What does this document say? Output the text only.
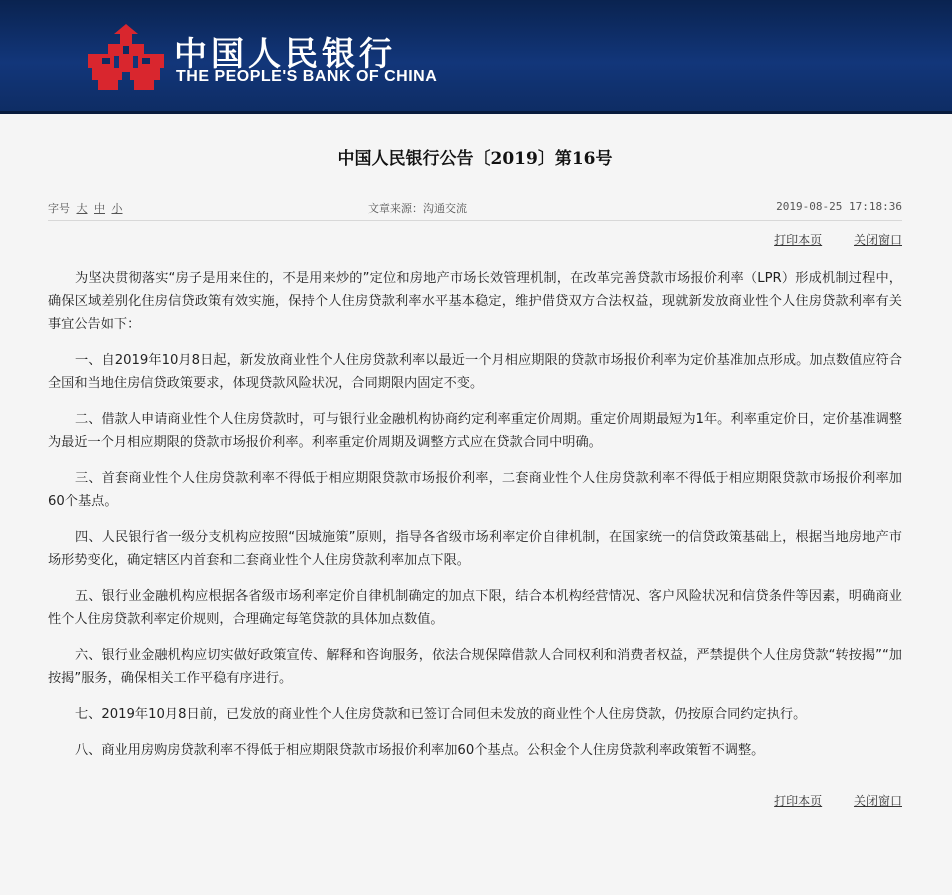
中国人民银行
THE PEOPLE'S BANK OF CHINA
中国人民银行公告〔2019〕第16号
字号 大 中 小	文章来源：沟通交流	2019-08-25 17:18:36
打印本页	关闭窗口

为坚决贯彻落实“房子是用来住的，不是用来炒的”定位和房地产市场长效管理机制，在改革完善贷款市场报价利率（LPR）形成机制过程中，确保区域差别化住房信贷政策有效实施，保持个人住房贷款利率水平基本稳定，维护借贷双方合法权益，现就新发放商业性个人住房贷款利率有关事宜公告如下：

一、自2019年10月8日起，新发放商业性个人住房贷款利率以最近一个月相应期限的贷款市场报价利率为定价基准加点形成。加点数值应符合全国和当地住房信贷政策要求，体现贷款风险状况，合同期限内固定不变。

二、借款人申请商业性个人住房贷款时，可与银行业金融机构协商约定利率重定价周期。重定价周期最短为1年。利率重定价日，定价基准调整为最近一个月相应期限的贷款市场报价利率。利率重定价周期及调整方式应在贷款合同中明确。

三、首套商业性个人住房贷款利率不得低于相应期限贷款市场报价利率，二套商业性个人住房贷款利率不得低于相应期限贷款市场报价利率加60个基点。

四、人民银行省一级分支机构应按照“因城施策”原则，指导各省级市场利率定价自律机制，在国家统一的信贷政策基础上，根据当地房地产市场形势变化，确定辖区内首套和二套商业性个人住房贷款利率加点下限。

五、银行业金融机构应根据各省级市场利率定价自律机制确定的加点下限，结合本机构经营情况、客户风险状况和信贷条件等因素，明确商业性个人住房贷款利率定价规则，合理确定每笔贷款的具体加点数值。

六、银行业金融机构应切实做好政策宣传、解释和咨询服务，依法合规保障借款人合同权利和消费者权益，严禁提供个人住房贷款“转按揭”“加按揭”服务，确保相关工作平稳有序进行。

七、2019年10月8日前，已发放的商业性个人住房贷款和已签订合同但未发放的商业性个人住房贷款，仍按原合同约定执行。

八、商业用房购房贷款利率不得低于相应期限贷款市场报价利率加60个基点。公积金个人住房贷款利率政策暂不调整。

打印本页	关闭窗口
